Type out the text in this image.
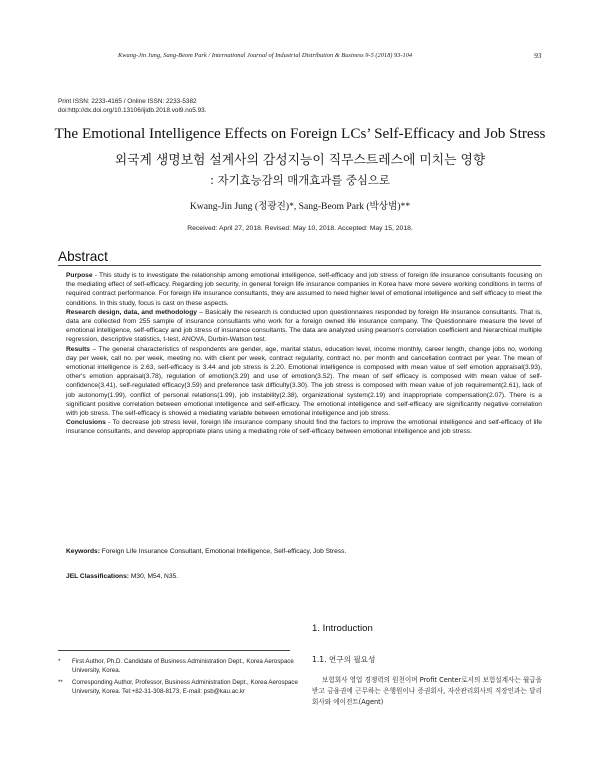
Kwang-Jin Jung, Sang-Beom Park / International Journal of Industrial Distribution & Business 9-5 (2018) 93-104	93
Print ISSN: 2233-4165 / Online ISSN: 2233-5382
doi:http://dx.doi.org/10.13106/ijidb.2018.vol9.no5.93.
The Emotional Intelligence Effects on Foreign LCs’ Self-Efficacy and Job Stress
외국계 생명보험 설계사의 감성지능이 직무스트레스에 미치는 영향
: 자기효능감의 매개효과를 중심으로
Kwang-Jin Jung (정광진)*, Sang-Beom Park (박상범)**
Received: April 27, 2018. Revised: May 10, 2018. Accepted: May 15, 2018.
Abstract

Purpose - This study is to investigate the relationship among emotional intelligence, self-efficacy and job stress of foreign life insurance consultants focusing on the mediating effect of self-efficacy. Regarding job security, in general foreign life insurance companies in Korea have more severe working conditions in terms of required contract performance. For foreign life insurance consultants, they are assumed to need higher level of emotional intelligence and self efficacy to meet the conditions. In this study, focus is cast on these aspects.

Research design, data, and methodology – Basically the research is conducted upon questionnaires responded by foreign life insurance consultants. That is, data are collected from 255 sample of insurance consultants who work for a foreign owned life insurance company. The Questionnaire measure the level of emotional intelligence, self-efficacy and job stress of insurance consultants. The data are analyzed using pearson's correlation coefficient and hierarchical multiple regression, descriptive statistics, t-test, ANOVA, Durbin-Watson test.

Results – The general characteristics of respondents are gender, age, marital status, education level, income monthly, career length, change jobs no, working day per week, call no. per week, meeting no. with client per week, contract regularity, contract no. per month and cancellation contract per year. The mean of emotional intelligence is 2.63, self-efficacy is 3.44 and job stress is 2.20. Emotional intelligence is composed with mean value of self emotion appraisal(3.93), other's emotion appraisal(3.78), regulation of emotion(3.29) and use of emotion(3.52). The mean of self efficacy is composed with mean value of self-confidence(3.41), self-regulated efficacy(3.59) and preference task difficulty(3.30). The job stress is composed with mean value of job requirement(2.61), lack of job autonomy(1.99), conflict of personal relations(1.99), job instability(2.38), organizational system(2.19) and inappropriate compensation(2.07). There is a significant positive correlation between emotional intelligence and self-efficacy. The emotional intelligence and self-efficacy are significantly negative correlation with job stress. The self-efficacy is showed a mediating variable between emotional intelligence and job stress.

Conclusions - To decrease job stress level, foreign life insurance company should find the factors to improve the emotional intelligence and self-efficacy of life insurance consultants, and develop appropriate plans using a mediating role of self-efficacy between emotional intelligence and job stress.

Keywords: Foreign Life Insurance Consultant, Emotional Intelligence, Self-efficacy, Job Stress.
JEL Classifications: M30, M54, N35.
* First Author, Ph.D. Candidate of Business Administration Dept., Korea Aerospace University, Korea.
** Corresponding Author, Professor, Business Administration Dept., Korea Aerospace University, Korea. Tel:+82-31-308-8173, E-mail: psb@kau.ac.kr
1. Introduction
1.1. 연구의 필요성
보험회사 영업 경쟁력의 원천이며 Profit Center로서의 보험설계사는 월급을 받고 금융권에 근무하는 은행원이나 증권회사, 자산관리회사의 직장인과는 달리 회사와 에이전트(Agent)
